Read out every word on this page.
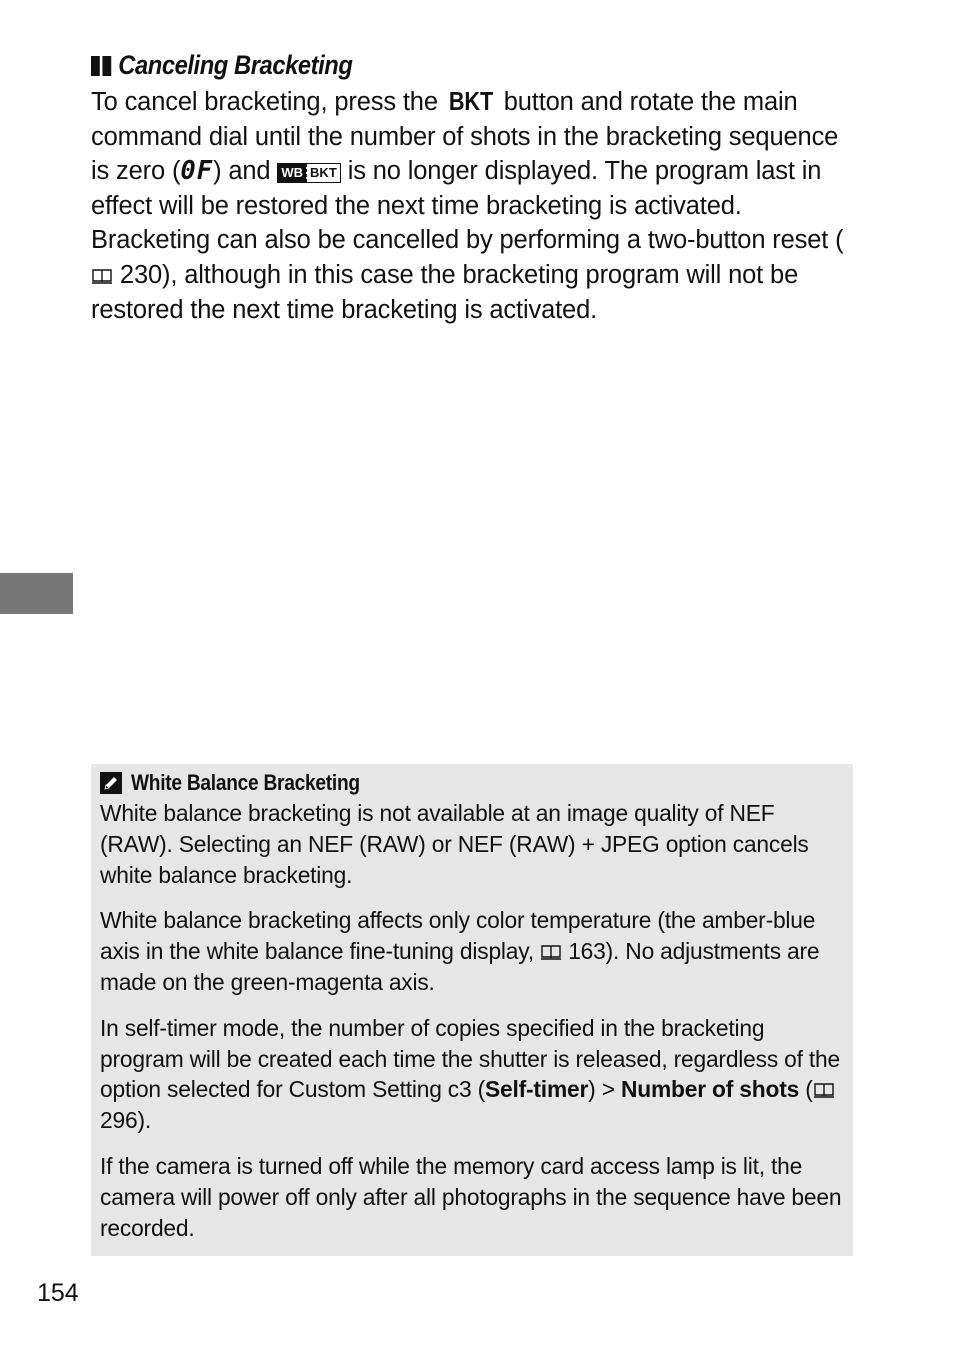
Canceling Bracketing
To cancel bracketing, press the BKT button and rotate the main command dial until the number of shots in the bracketing sequence is zero (0F) and WB BKT is no longer displayed. The program last in effect will be restored the next time bracketing is activated. Bracketing can also be cancelled by performing a two-button reset ( 230), although in this case the bracketing program will not be restored the next time bracketing is activated.
White Balance Bracketing

White balance bracketing is not available at an image quality of NEF (RAW). Selecting an NEF (RAW) or NEF (RAW) + JPEG option cancels white balance bracketing.

White balance bracketing affects only color temperature (the amber-blue axis in the white balance fine-tuning display,  163). No adjustments are made on the green-magenta axis.

In self-timer mode, the number of copies specified in the bracketing program will be created each time the shutter is released, regardless of the option selected for Custom Setting c3 (Self-timer) > Number of shots ( 296).

If the camera is turned off while the memory card access lamp is lit, the camera will power off only after all photographs in the sequence have been recorded.

154
